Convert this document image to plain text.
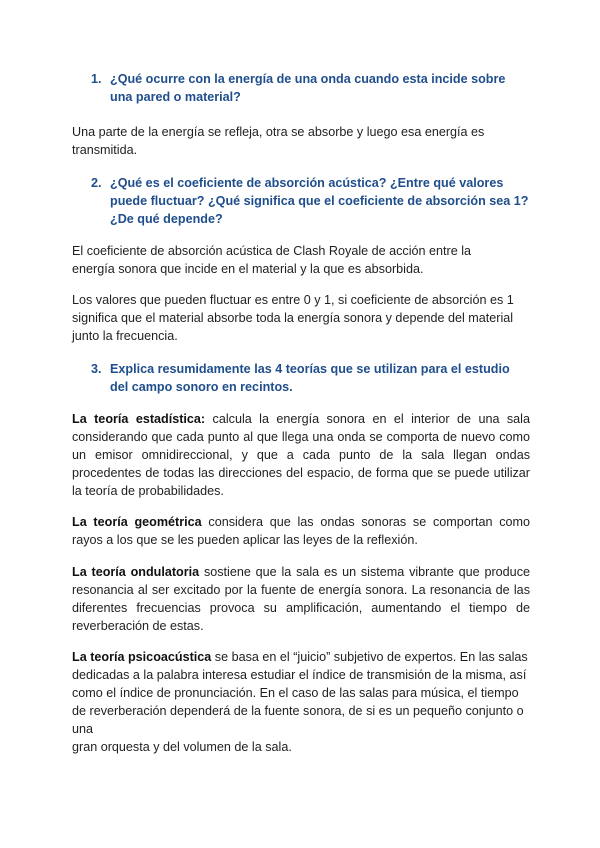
1. ¿Qué ocurre con la energía de una onda cuando esta incide sobre una pared o material?

Una parte de la energía se refleja, otra se absorbe y luego esa energía es transmitida.

2. ¿Qué es el coeficiente de absorción acústica? ¿Entre qué valores puede fluctuar? ¿Qué significa que el coeficiente de absorción sea 1? ¿De qué depende?

El coeficiente de absorción acústica de Clash Royale de acción entre la energía sonora que incide en el material y la que es absorbida.

Los valores que pueden fluctuar es entre 0 y 1, si coeficiente de absorción es 1 significa que el material absorbe toda la energía sonora y depende del material junto la frecuencia.

3. Explica resumidamente las 4 teorías que se utilizan para el estudio del campo sonoro en recintos.

La teoría estadística: calcula la energía sonora en el interior de una sala considerando que cada punto al que llega una onda se comporta de nuevo como un emisor omnidireccional, y que a cada punto de la sala llegan ondas procedentes de todas las direcciones del espacio, de forma que se puede utilizar la teoría de probabilidades.

La teoría geométrica considera que las ondas sonoras se comportan como rayos a los que se les pueden aplicar las leyes de la reflexión.

La teoría ondulatoria sostiene que la sala es un sistema vibrante que produce resonancia al ser excitado por la fuente de energía sonora. La resonancia de las diferentes frecuencias provoca su amplificación, aumentando el tiempo de reverberación de estas.

La teoría psicoacústica se basa en el “juicio” subjetivo de expertos. En las salas dedicadas a la palabra interesa estudiar el índice de transmisión de la misma, así como el índice de pronunciación. En el caso de las salas para música, el tiempo de reverberación dependerá de la fuente sonora, de si es un pequeño conjunto o una
gran orquesta y del volumen de la sala.
